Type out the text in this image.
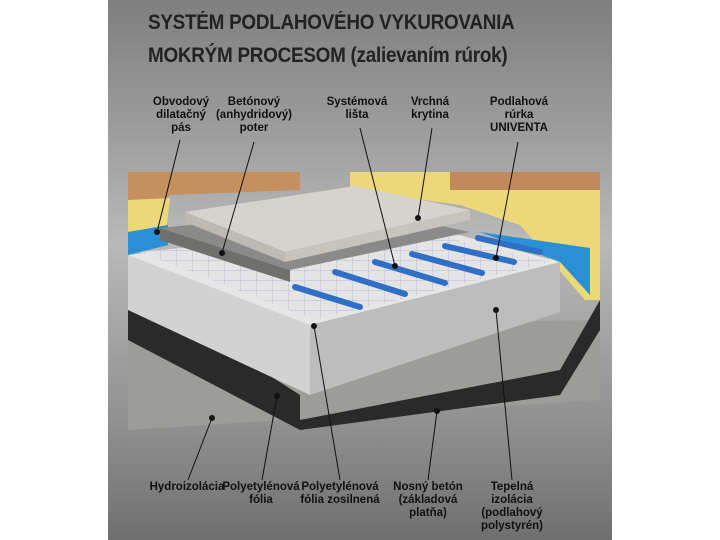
SYSTÉM PODLAHOVÉHO VYKUROVANIA
MOKRÝM PROCESOM (zalievaním rúrok)
Obvodový
dilatačný
pás
Betónový
(anhydridový)
poter
Systémová
lišta
Vrchná
krytina
Podlahová
rúrka
UNIVENTA
Hydroizolácia
Polyetylénová
fólia
Polyetylénová
fólia zosilnená
Nosný betón
(základová
platňa)
Tepelná
izolácia
(podlahový
polystyrén)
